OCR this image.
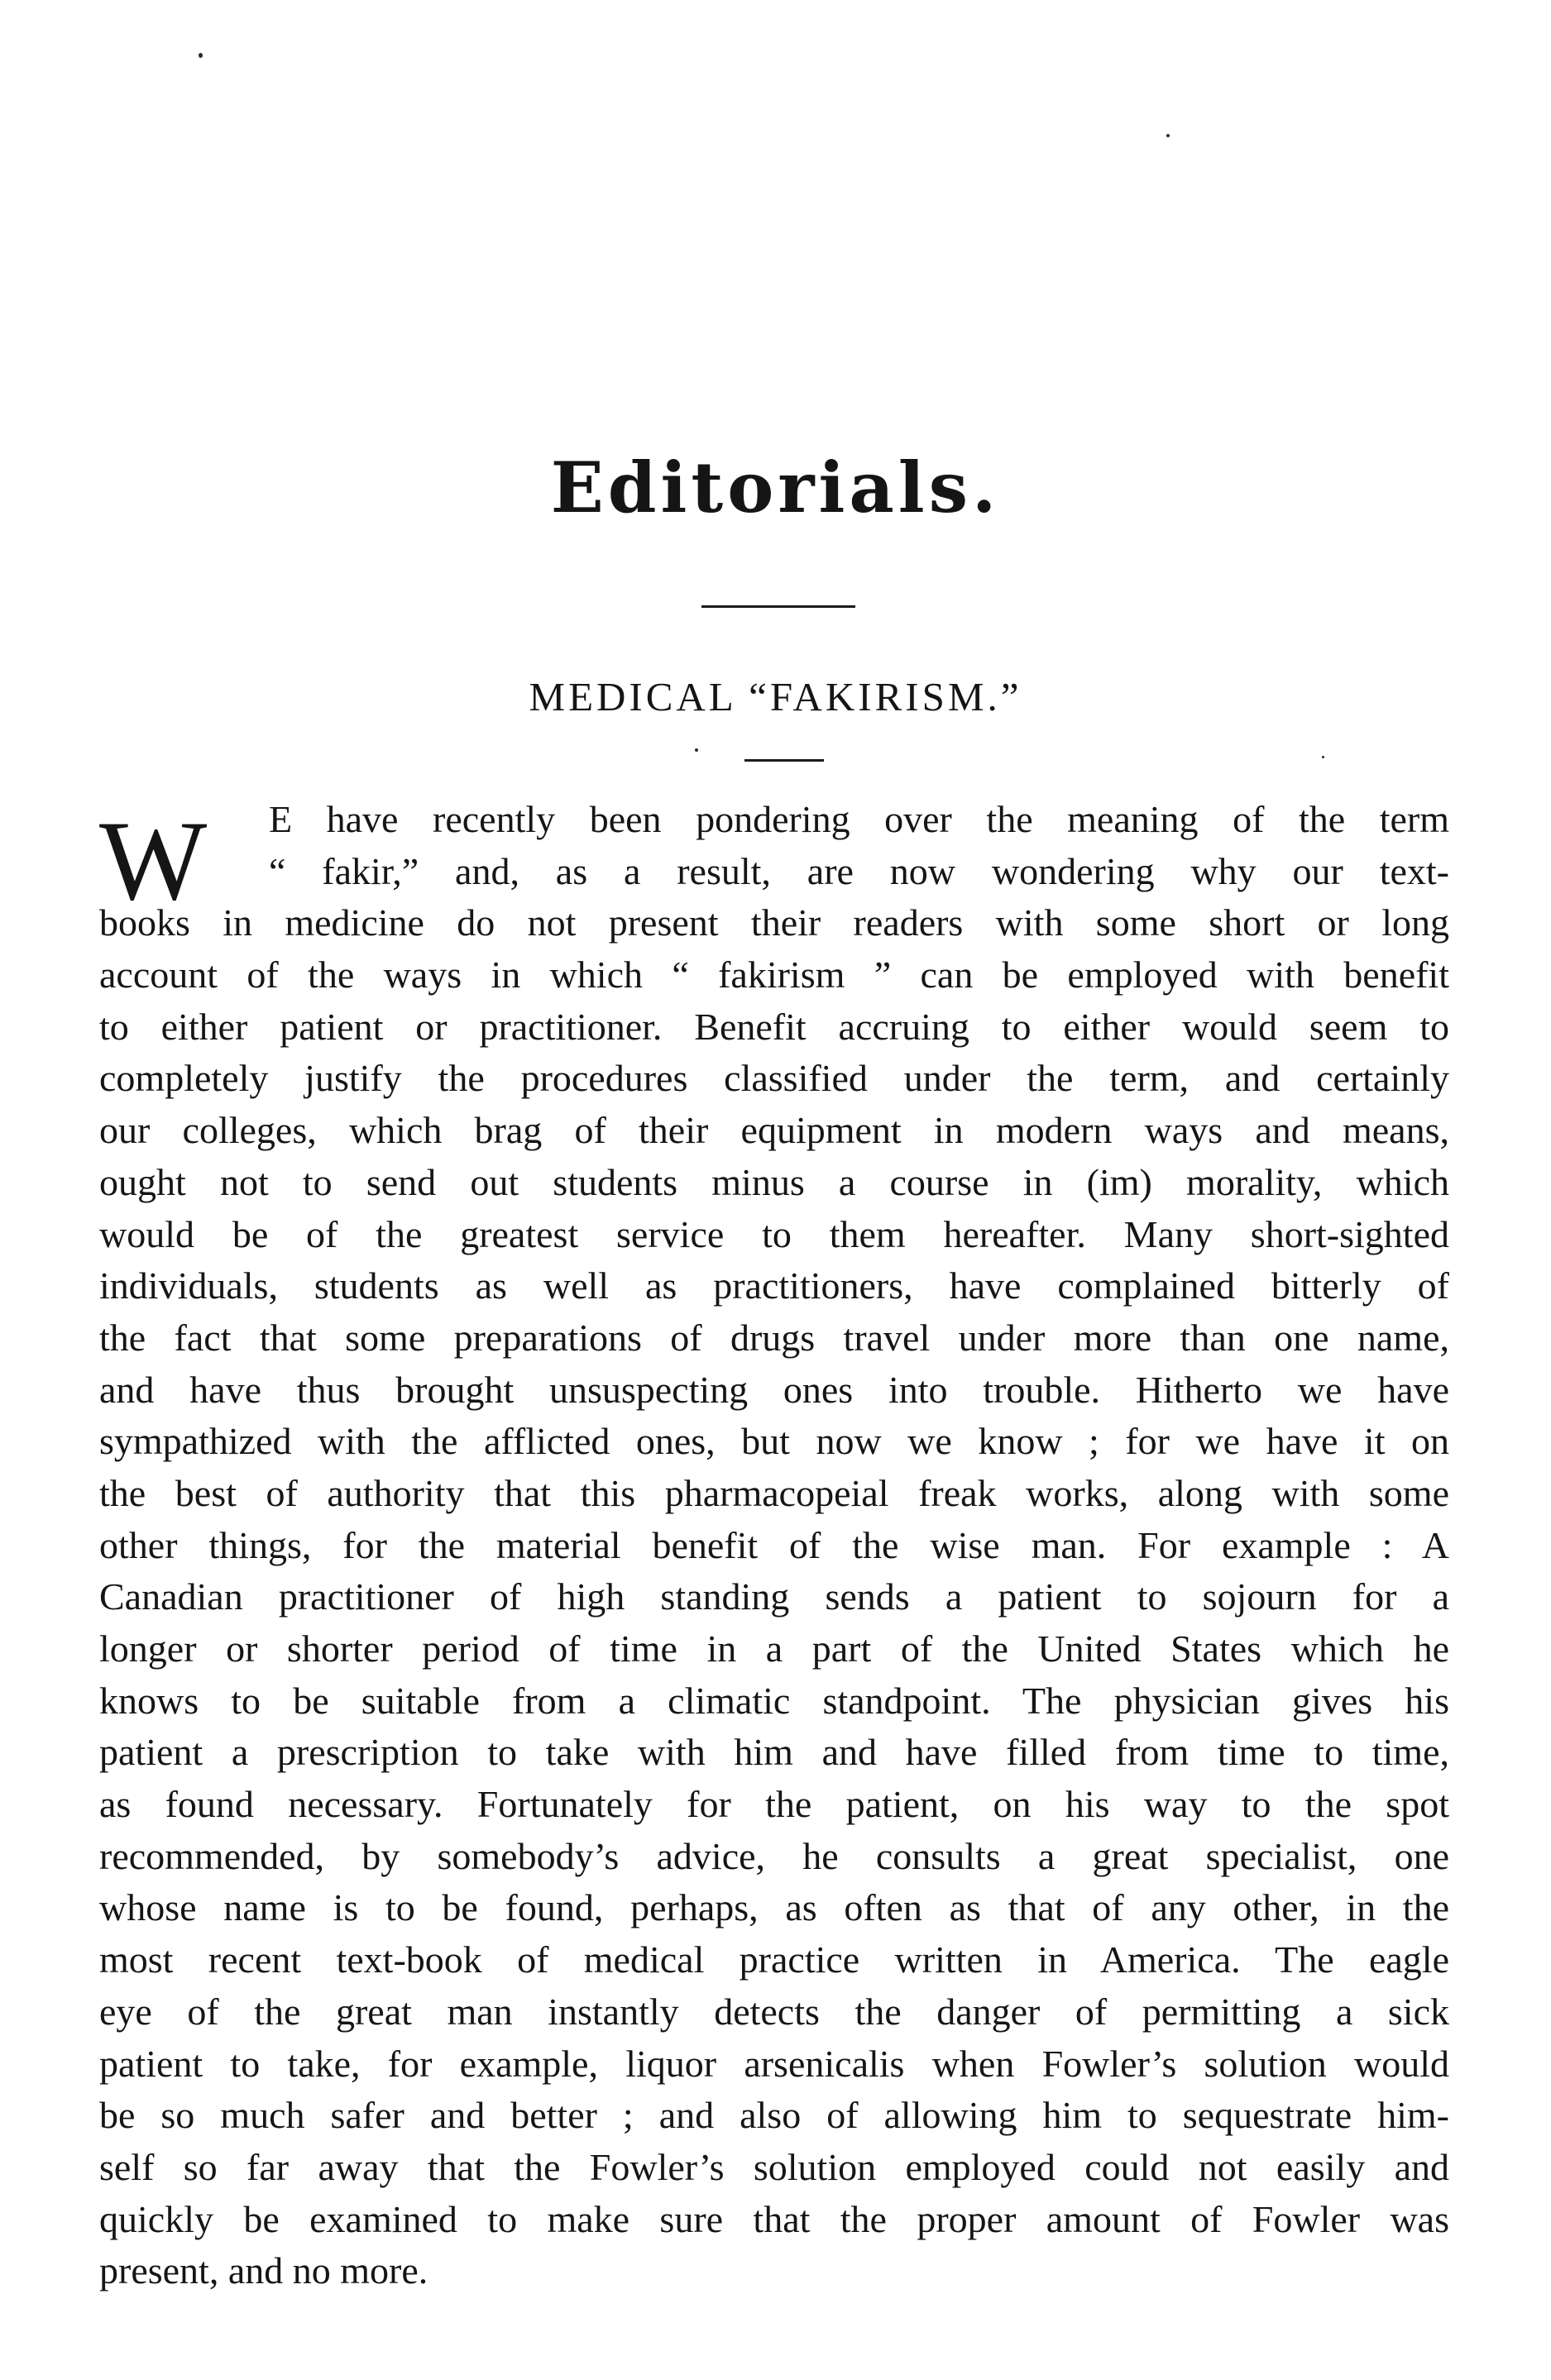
Editorials.
MEDICAL “FAKIRISM.”
W	E have recently been pondering over the meaning of the term
“ fakir,” and, as a result, are now wondering why our text-
books in medicine do not present their readers with some short or long
account of the ways in which “ fakirism ” can be employed with benefit
to either patient or practitioner. Benefit accruing to either would seem to
completely justify the procedures classified under the term, and certainly
our colleges, which brag of their equipment in modern ways and means,
ought not to send out students minus a course in (im) morality, which
would be of the greatest service to them hereafter. Many short-sighted
individuals, students as well as practitioners, have complained bitterly of
the fact that some preparations of drugs travel under more than one name,
and have thus brought unsuspecting ones into trouble. Hitherto we have
sympathized with the afflicted ones, but now we know ; for we have it on
the best of authority that this pharmacopeial freak works, along with some
other things, for the material benefit of the wise man. For example : A
Canadian practitioner of high standing sends a patient to sojourn for a
longer or shorter period of time in a part of the United States which he
knows to be suitable from a climatic standpoint. The physician gives his
patient a prescription to take with him and have filled from time to time,
as found necessary. Fortunately for the patient, on his way to the spot
recommended, by somebody’s advice, he consults a great specialist, one
whose name is to be found, perhaps, as often as that of any other, in the
most recent text-book of medical practice written in America. The eagle
eye of the great man instantly detects the danger of permitting a sick
patient to take, for example, liquor arsenicalis when Fowler’s solution would
be so much safer and better ; and also of allowing him to sequestrate him-
self so far away that the Fowler’s solution employed could not easily and
quickly be examined to make sure that the proper amount of Fowler was
present, and no more.
